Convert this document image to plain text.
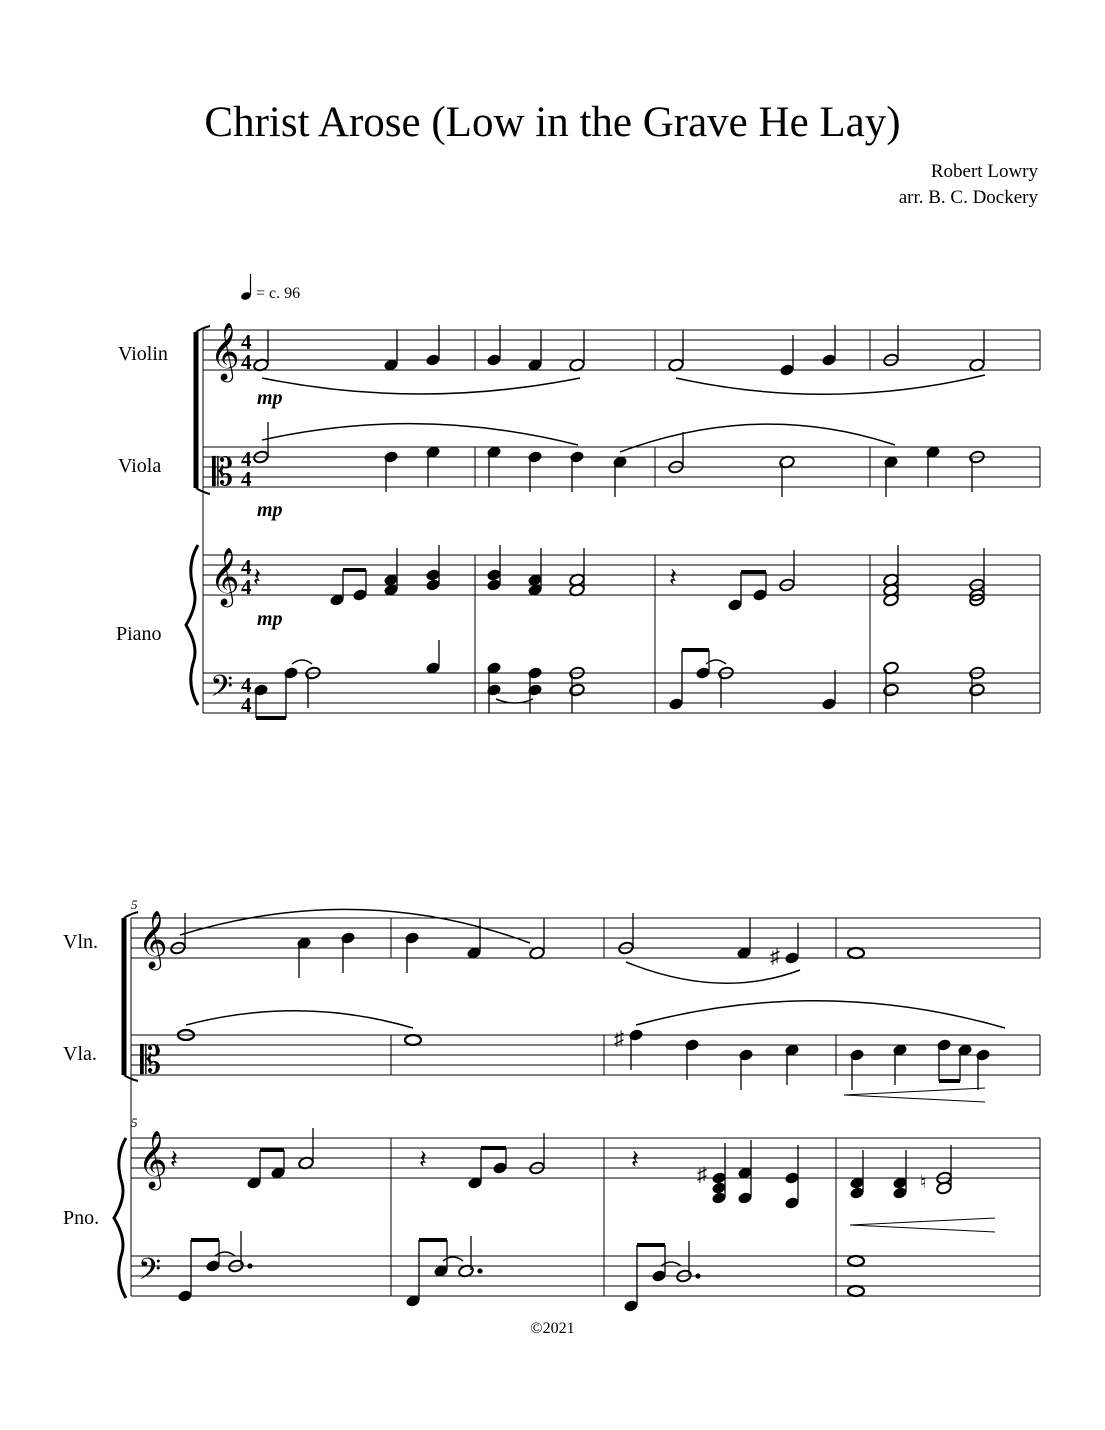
Christ Arose (Low in the Grave He Lay)
Robert Lowry
arr. B. C. Dockery
= c. 96
𝄞
𝄡
𝄞
𝄢
4
4
4
4
4
4
4
4
Violin
Viola
Piano
mp
mp
mp
𝄽	𝄽
5
5
𝄞
𝄡
𝄞
𝄢
Vln.
Vla.
Pno.
♯
♯
𝄽	𝄽	𝄽
♯	♮
©2021
